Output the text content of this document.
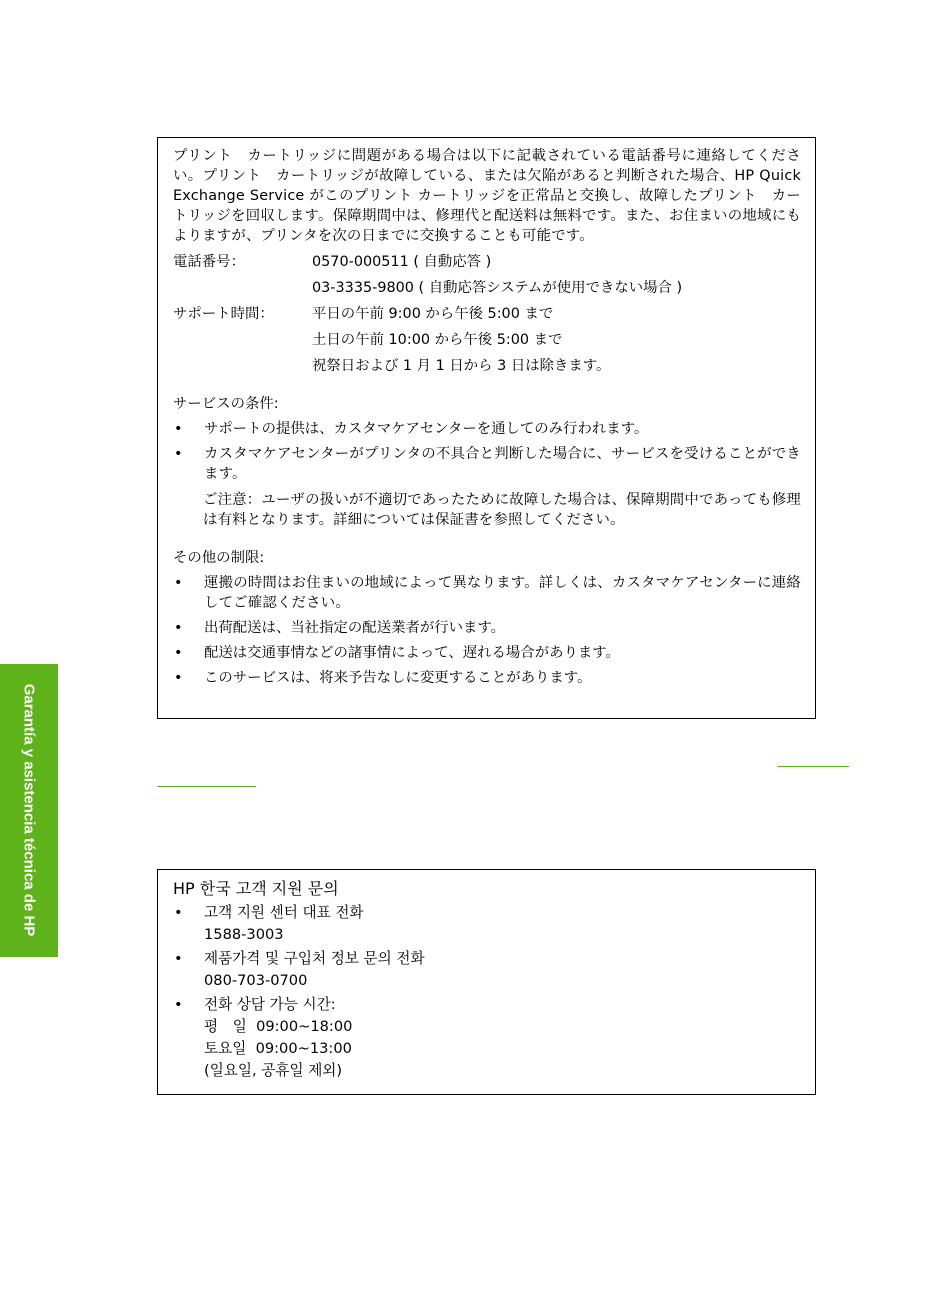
Garantía y asistencia técnica de HP
プリント　カートリッジに問題がある場合は以下に記載されている電話番号に連絡してください。プリント　カートリッジが故障している、または欠陥があると判断された場合、HP Quick Exchange Service がこのプリント カートリッジを正常品と交換し、故障したプリント　カートリッジを回収します。保障期間中は、修理代と配送料は無料です。また、お住まいの地域にもよりますが、プリンタを次の日までに交換することも可能です。
電話番号：	0570-000511 ( 自動応答 )
03-3335-9800 ( 自動応答システムが使用できない場合 )
サポート時間：	平日の午前 9:00 から午後 5:00 まで
土日の午前 10:00 から午後 5:00 まで
祝祭日および 1 月 1 日から 3 日は除きます。
サービスの条件:
•	サポートの提供は、カスタマケアセンターを通してのみ行われます。
•	カスタマケアセンターがプリンタの不具合と判断した場合に、サービスを受けることができます。
ご注意：ユーザの扱いが不適切であったために故障した場合は、保障期間中であっても修理は有料となります。詳細については保証書を参照してください。
その他の制限:
•	運搬の時間はお住まいの地域によって異なります。詳しくは、カスタマケアセンターに連絡してご確認ください。
•	出荷配送は、当社指定の配送業者が行います。
•	配送は交通事情などの諸事情によって、遅れる場合があります。
•	このサービスは、将来予告なしに変更することがあります。
HP 한국 고객 지원 문의
•	고객 지원 센터 대표 전화
1588-3003
•	제품가격 및 구입처 정보 문의 전화
080-703-0700
•	전화 상담 가능 시간:
평　일  09:00~18:00
토요일  09:00~13:00
(일요일, 공휴일 제외)
